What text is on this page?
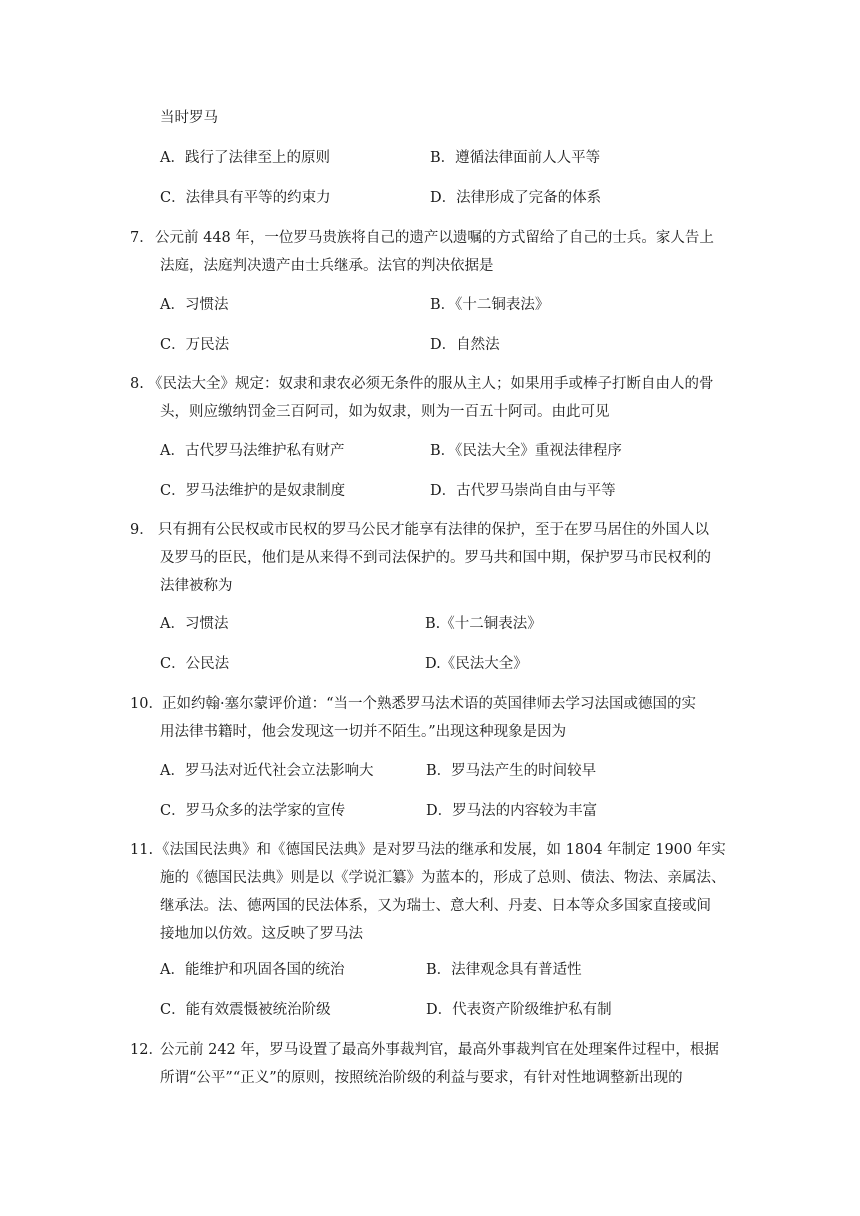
当时罗马
A．践行了法律至上的原则	B．遵循法律面前人人平等
C．法律具有平等的约束力	D．法律形成了完备的体系
7． 公元前 448 年，一位罗马贵族将自己的遗产以遗嘱的方式留给了自己的士兵。家人告上
法庭，法庭判决遗产由士兵继承。法官的判决依据是
A．习惯法	B．《十二铜表法》
C．万民法	D．自然法
8. 《民法大全》规定：奴隶和隶农必须无条件的服从主人；如果用手或棒子打断自由人的骨
头，则应缴纳罚金三百阿司，如为奴隶，则为一百五十阿司。由此可见
A．古代罗马法维护私有财产	B．《民法大全》重视法律程序
C．罗马法维护的是奴隶制度	D．古代罗马崇尚自由与平等
9． 只有拥有公民权或市民权的罗马公民才能享有法律的保护，至于在罗马居住的外国人以
及罗马的臣民，他们是从来得不到司法保护的。罗马共和国中期，保护罗马市民权利的
法律被称为
A．习惯法	B.《十二铜表法》
C．公民法	D.《民法大全》
10． 正如约翰·塞尔蒙评价道：“当一个熟悉罗马法术语的英国律师去学习法国或德国的实
用法律书籍时，他会发现这一切并不陌生。”出现这种现象是因为
A．罗马法对近代社会立法影响大	B．罗马法产生的时间较早
C．罗马众多的法学家的宣传	D．罗马法的内容较为丰富
11. 《法国民法典》和《德国民法典》是对罗马法的继承和发展，如 1804 年制定 1900 年实
施的《德国民法典》则是以《学说汇纂》为蓝本的，形成了总则、债法、物法、亲属法、
继承法。法、德两国的民法体系，又为瑞士、意大利、丹麦、日本等众多国家直接或间
接地加以仿效。这反映了罗马法
A．能维护和巩固各国的统治	B．法律观念具有普适性
C．能有效震慑被统治阶级	D．代表资产阶级维护私有制
12．
公元前 242 年，罗马设置了最高外事裁判官，最高外事裁判官在处理案件过程中，根据
所谓“公平”“正义”的原则，按照统治阶级的利益与要求，有针对性地调整新出现的
